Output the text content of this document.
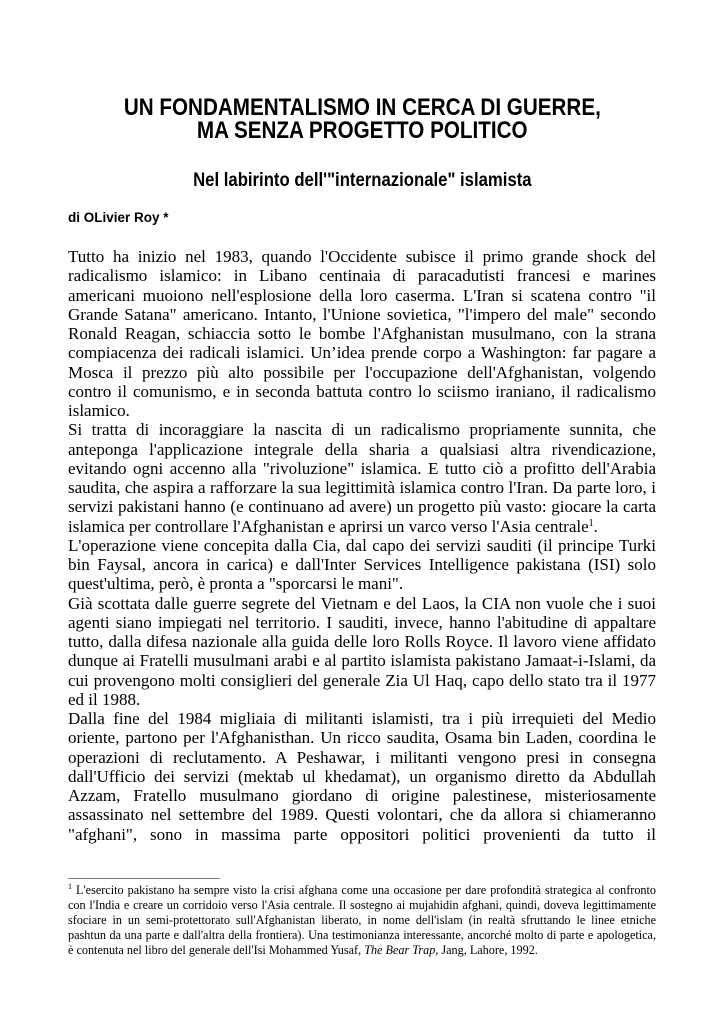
UN FONDAMENTALISMO IN CERCA DI GUERRE,
MA SENZA PROGETTO POLITICO
Nel labirinto dell'"internazionale" islamista
di OLivier Roy *
Tutto ha inizio nel 1983, quando l'Occidente subisce il primo grande shock del
radicalismo islamico: in Libano centinaia di paracadutisti francesi e marines
americani muoiono nell'esplosione della loro caserma. L'Iran si scatena contro "il
Grande Satana" americano. Intanto, l'Unione sovietica, "l'impero del male" secondo
Ronald Reagan, schiaccia sotto le bombe l'Afghanistan musulmano, con la strana
compiacenza dei radicali islamici. Un’idea prende corpo a Washington: far pagare a
Mosca il prezzo più alto possibile per l'occupazione dell'Afghanistan, volgendo
contro il comunismo, e in seconda battuta contro lo sciismo iraniano, il radicalismo
islamico.
Si tratta di incoraggiare la nascita di un radicalismo propriamente sunnita, che
anteponga l'applicazione integrale della sharia a qualsiasi altra rivendicazione,
evitando ogni accenno alla "rivoluzione" islamica. E tutto ciò a profitto dell'Arabia
saudita, che aspira a rafforzare la sua legittimità islamica contro l'Iran. Da parte loro, i
servizi pakistani hanno (e continuano ad avere) un progetto più vasto: giocare la carta
islamica per controllare l'Afghanistan e aprirsi un varco verso l'Asia centrale$^1$.
L'operazione viene concepita dalla Cia, dal capo dei servizi sauditi (il principe Turki
bin Faysal, ancora in carica) e dall'Inter Services Intelligence pakistana (ISI) solo
quest'ultima, però, è pronta a "sporcarsi le mani".
Già scottata dalle guerre segrete del Vietnam e del Laos, la CIA non vuole che i suoi
agenti siano impiegati nel territorio. I sauditi, invece, hanno l'abitudine di appaltare
tutto, dalla difesa nazionale alla guida delle loro Rolls Royce. Il lavoro viene affidato
dunque ai Fratelli musulmani arabi e al partito islamista pakistano Jamaat-i-Islami, da
cui provengono molti consiglieri del generale Zia Ul Haq, capo dello stato tra il 1977
ed il 1988.
Dalla fine del 1984 migliaia di militanti islamisti, tra i più irrequieti del Medio
oriente, partono per l'Afghanisthan. Un ricco saudita, Osama bin Laden, coordina le
operazioni di reclutamento. A Peshawar, i militanti vengono presi in consegna
dall'Ufficio dei servizi (mektab ul khedamat), un organismo diretto da Abdullah
Azzam, Fratello musulmano giordano di origine palestinese, misteriosamente
assassinato nel settembre del 1989. Questi volontari, che da allora si chiameranno
"afghani", sono in massima parte oppositori politici provenienti da tutto il
$^1$ L'esercito pakistano ha sempre visto la crisi afghana come una occasione per dare profondità strategica al confronto
con l'India e creare un corridoio verso l'Asia centrale. Il sostegno ai mujahidin afghani, quindi, doveva legittimamente
sfociare in un semi-protettorato sull'Afghanistan liberato, in nome dell'islam (in realtà sfruttando le linee etniche
pashtun da una parte e dall'altra della frontiera). Una testimonianza interessante, ancorché molto di parte e apologetica,
è contenuta nel libro del generale dell'Isi Mohammed Yusaf, The Bear Trap, Jang, Lahore, 1992.
